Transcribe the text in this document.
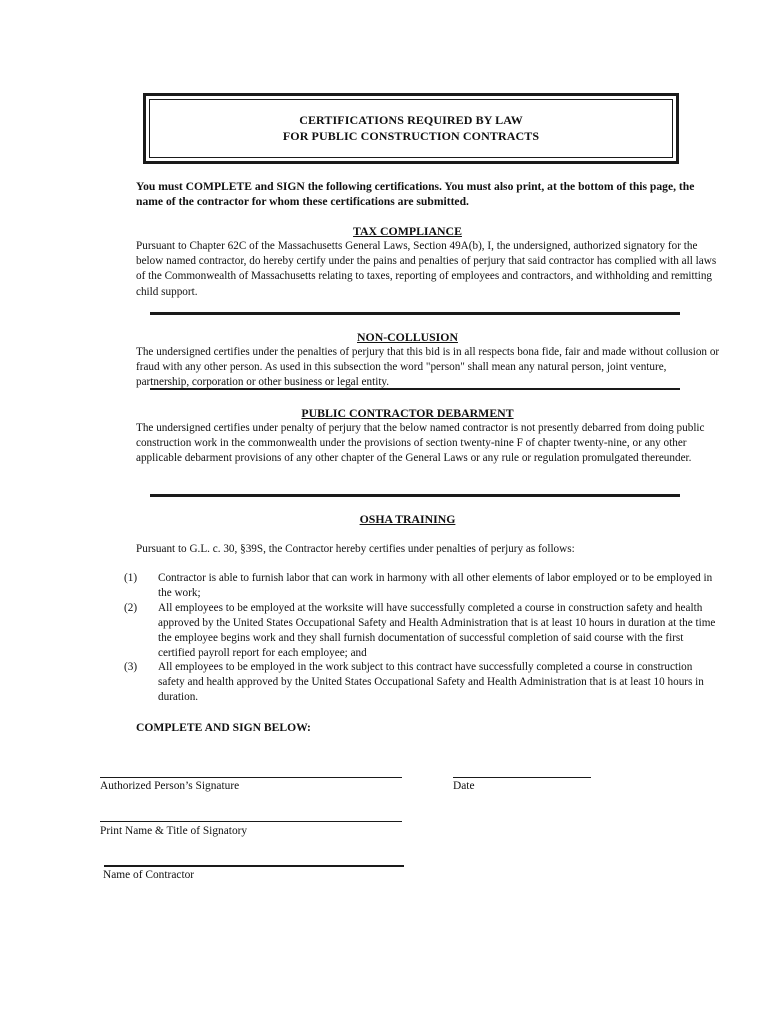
CERTIFICATIONS REQUIRED BY LAW
FOR PUBLIC CONSTRUCTION CONTRACTS
You must COMPLETE and SIGN the following certifications. You must also print, at the bottom of this page, the name of the contractor for whom these certifications are submitted.
TAX COMPLIANCE
Pursuant to Chapter 62C of the Massachusetts General Laws, Section 49A(b), I, the undersigned, authorized signatory for the below named contractor, do hereby certify under the pains and penalties of perjury that said contractor has complied with all laws of the Commonwealth of Massachusetts relating to taxes, reporting of employees and contractors, and withholding and remitting child support.
NON-COLLUSION
The undersigned certifies under the penalties of perjury that this bid is in all respects bona fide, fair and made without collusion or fraud with any other person. As used in this subsection the word "person" shall mean any natural person, joint venture, partnership, corporation or other business or legal entity.
PUBLIC CONTRACTOR DEBARMENT
The undersigned certifies under penalty of perjury that the below named contractor is not presently debarred from doing public construction work in the commonwealth under the provisions of section twenty-nine F of chapter twenty-nine, or any other applicable debarment provisions of any other chapter of the General Laws or any rule or regulation promulgated thereunder.
OSHA TRAINING
Pursuant to G.L. c. 30, §39S, the Contractor hereby certifies under penalties of perjury as follows:
(1)	Contractor is able to furnish labor that can work in harmony with all other elements of labor employed or to be employed in the work;
(2)	All employees to be employed at the worksite will have successfully completed a course in construction safety and health approved by the United States Occupational Safety and Health Administration that is at least 10 hours in duration at the time the employee begins work and they shall furnish documentation of successful completion of said course with the first certified payroll report for each employee; and
(3)	All employees to be employed in the work subject to this contract have successfully completed a course in construction safety and health approved by the United States Occupational Safety and Health Administration that is at least 10 hours in duration.
COMPLETE AND SIGN BELOW:
Authorized Person’s Signature	Date
Print Name & Title of Signatory
Name of Contractor
